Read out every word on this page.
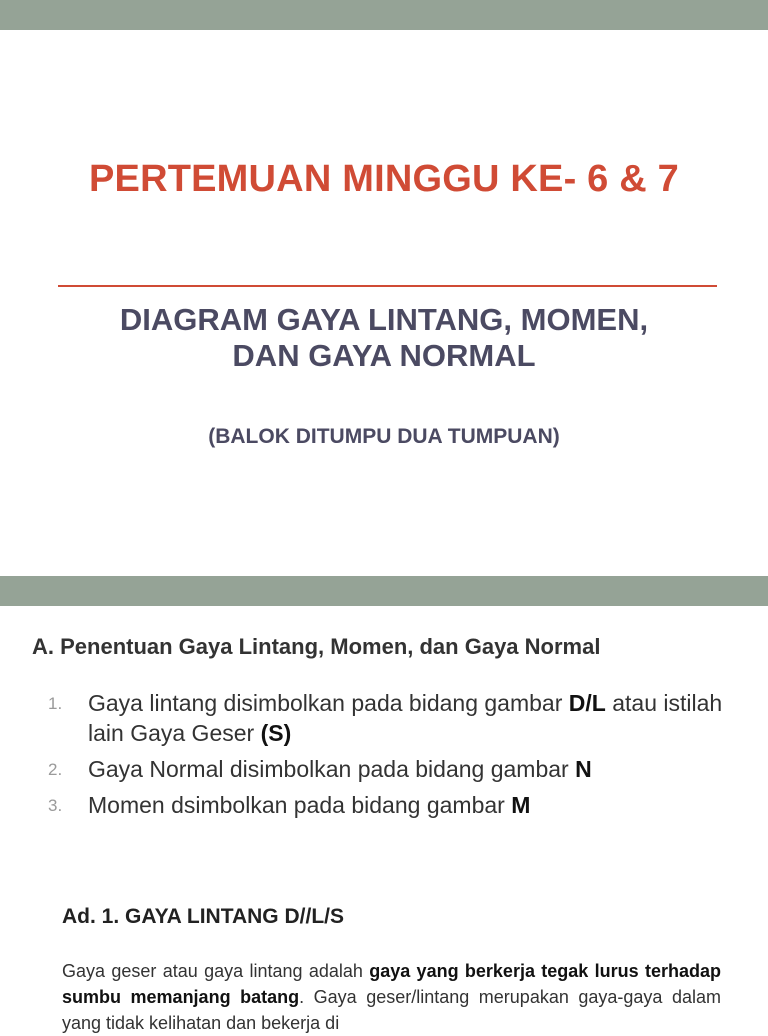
PERTEMUAN MINGGU KE- 6 & 7
DIAGRAM GAYA LINTANG, MOMEN,
DAN GAYA NORMAL
(BALOK DITUMPU DUA TUMPUAN)
A. Penentuan Gaya Lintang, Momen, dan Gaya Normal
1. Gaya lintang disimbolkan pada bidang gambar D/L atau istilah lain Gaya Geser (S)
2. Gaya Normal disimbolkan pada bidang gambar N
3. Momen dsimbolkan pada bidang gambar M
Ad. 1. GAYA LINTANG D//L/S
Gaya geser atau gaya lintang adalah gaya yang berkerja tegak lurus terhadap sumbu memanjang batang. Gaya geser/lintang merupakan gaya-gaya dalam yang tidak kelihatan dan bekerja di
